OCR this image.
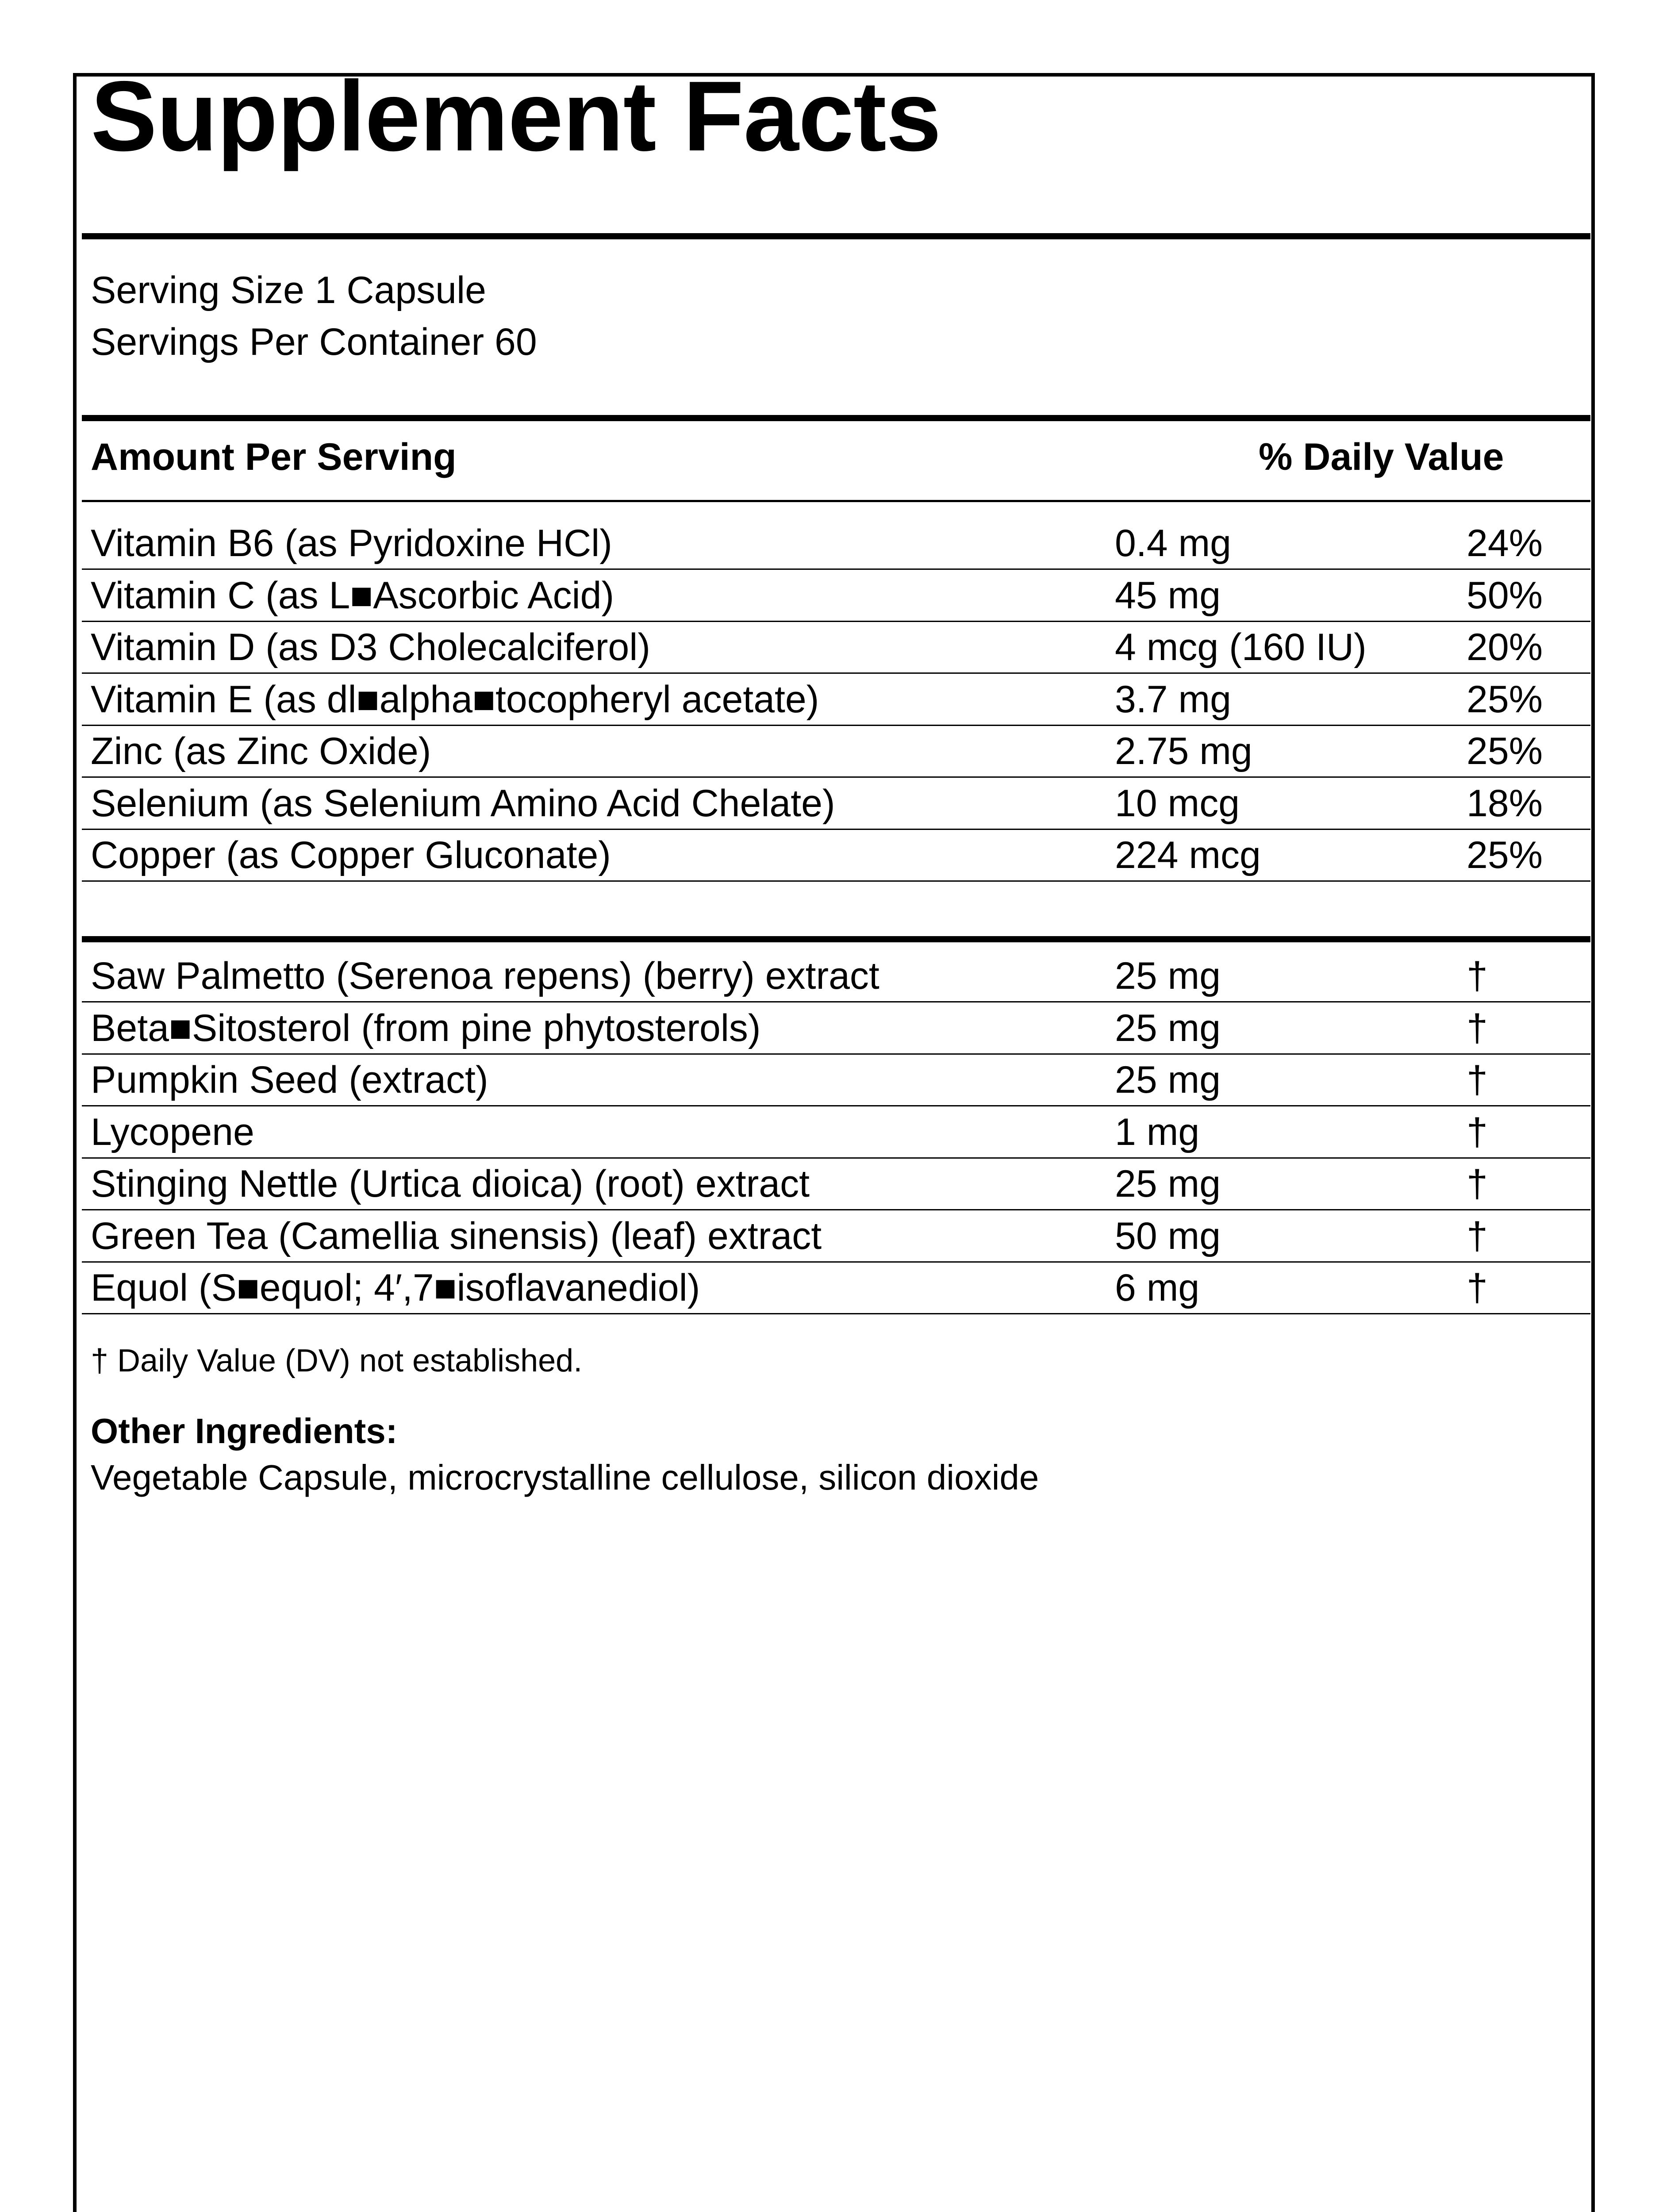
Supplement Facts
Serving Size 1 Capsule
Servings Per Container 60
Amount Per Serving	% Daily Value
Vitamin B6 (as Pyridoxine HCl)	0.4 mg	24%
Vitamin C (as L■Ascorbic Acid)	45 mg	50%
Vitamin D (as D3 Cholecalciferol)	4 mcg (160 IU)	20%
Vitamin E (as dl■alpha■tocopheryl acetate)	3.7 mg	25%
Zinc (as Zinc Oxide)	2.75 mg	25%
Selenium (as Selenium Amino Acid Chelate)	10 mcg	18%
Copper (as Copper Gluconate)	224 mcg	25%
Saw Palmetto (Serenoa repens) (berry) extract	25 mg	†
Beta■Sitosterol (from pine phytosterols)	25 mg	†
Pumpkin Seed (extract)	25 mg	†
Lycopene	1 mg	†
Stinging Nettle (Urtica dioica) (root) extract	25 mg	†
Green Tea (Camellia sinensis) (leaf) extract	50 mg	†
Equol (S■equol; 4′,7■isoflavanediol)	6 mg	†
† Daily Value (DV) not established.
Other Ingredients:
Vegetable Capsule, microcrystalline cellulose, silicon dioxide
